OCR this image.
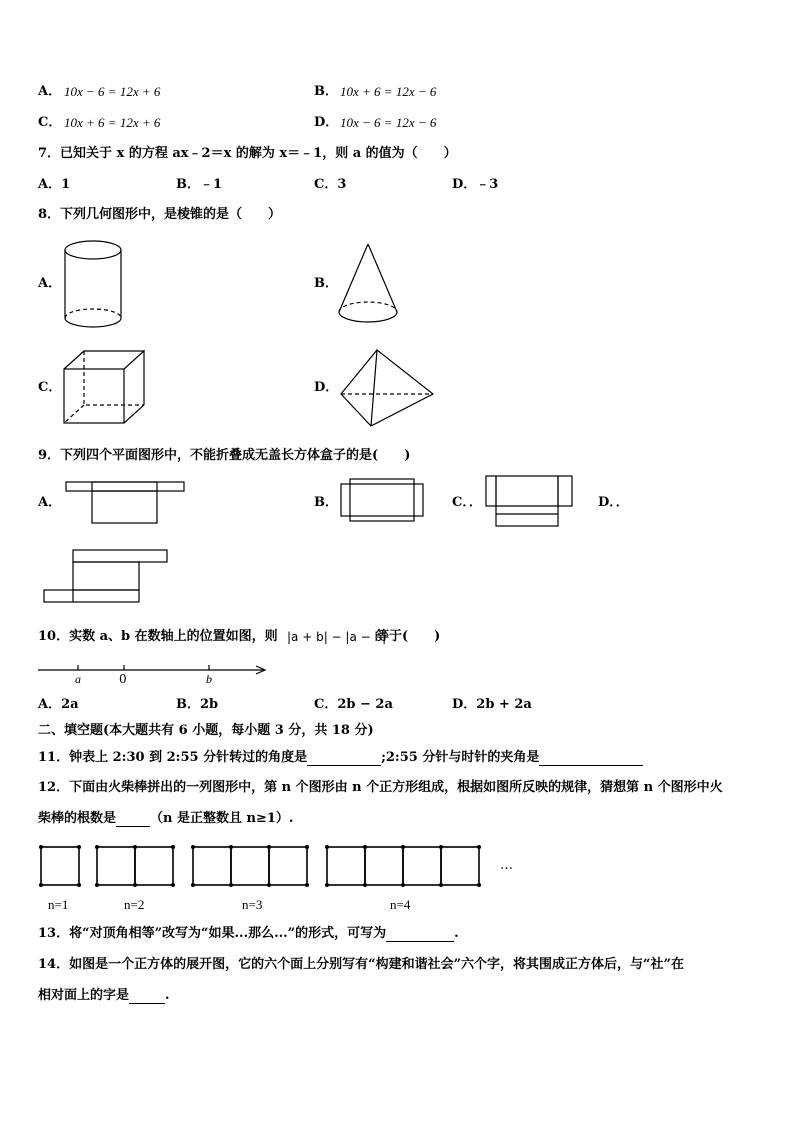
A． 10x − 6 = 12x + 6	B． 10x + 6 = 12x − 6
C． 10x + 6 = 12x + 6	D． 10x − 6 = 12x − 6
7．已知关于 x 的方程 ax﹣2＝x 的解为 x＝﹣1，则 a 的值为（　　）
A．1	B．﹣1	C．3	D．﹣3
8．下列几何图形中，是棱锥的是（　　）
A．	B．
C．	D．
9．下列四个平面图形中，不能折叠成无盖长方体盒子的是(　　)
A．	B．	C．．	D．．
10．实数 a、b 在数轴上的位置如图，则 |a + b| − |a − b|
等于(　　)
a	0	b
A．2a	B．2b	C．2b − 2a	D．2b + 2a
二、填空题(本大题共有 6 小题，每小题 3 分，共 18 分)
11．钟表上 2:30 到 2:55 分针转过的角度是	;2:55 分针与时针的夹角是
12．下面由火柴棒拼出的一列图形中，第 n 个图形由 n 个正方形组成，根据如图所反映的规律，猜想第 n 个图形中火
柴棒的根数是	（n 是正整数且 n≥1）.
…
n=1	n=2	n=3	n=4
13．将“对顶角相等”改写为“如果...那么...”的形式，可写为	.
14．如图是一个正方体的展开图，它的六个面上分别写有“构建和谐社会”六个字，将其围成正方体后，与“社”在
相对面上的字是	.
